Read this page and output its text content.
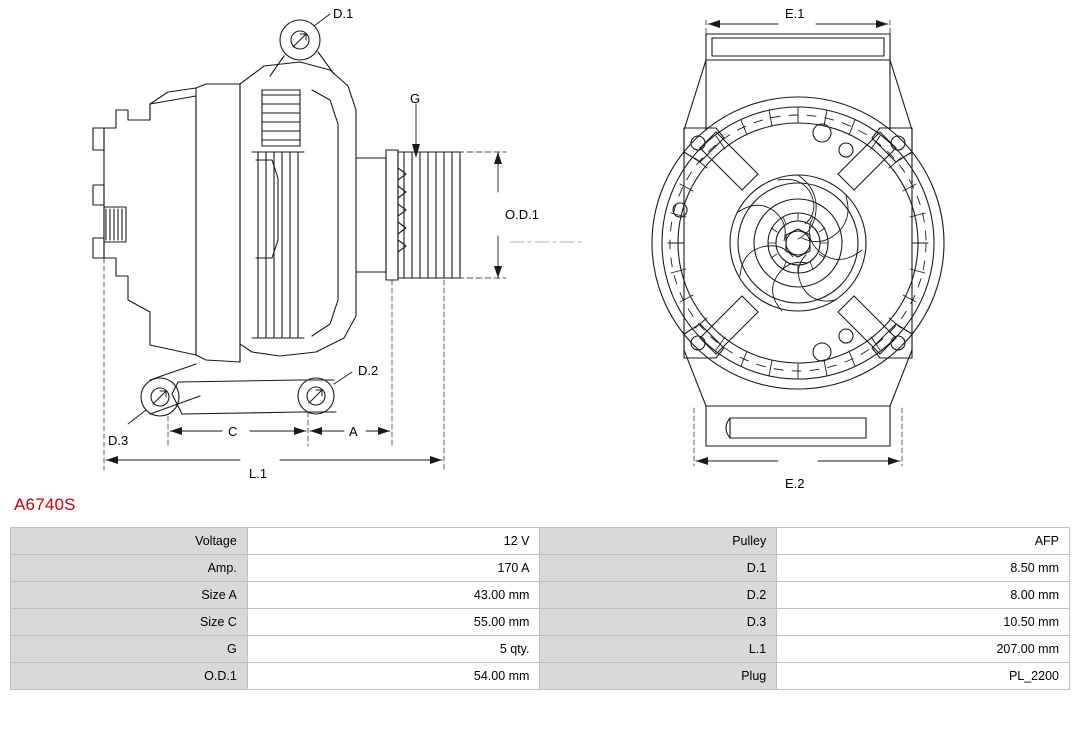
D.1
D.2
D.3
G
O.D.1
C	A
L.1
E.1
E.2
A6740S
Voltage	12 V	Pulley	AFP
Amp.	170 A	D.1	8.50 mm
Size A	43.00 mm	D.2	8.00 mm
Size C	55.00 mm	D.3	10.50 mm
G	5 qty.	L.1	207.00 mm
O.D.1	54.00 mm	Plug	PL_2200
